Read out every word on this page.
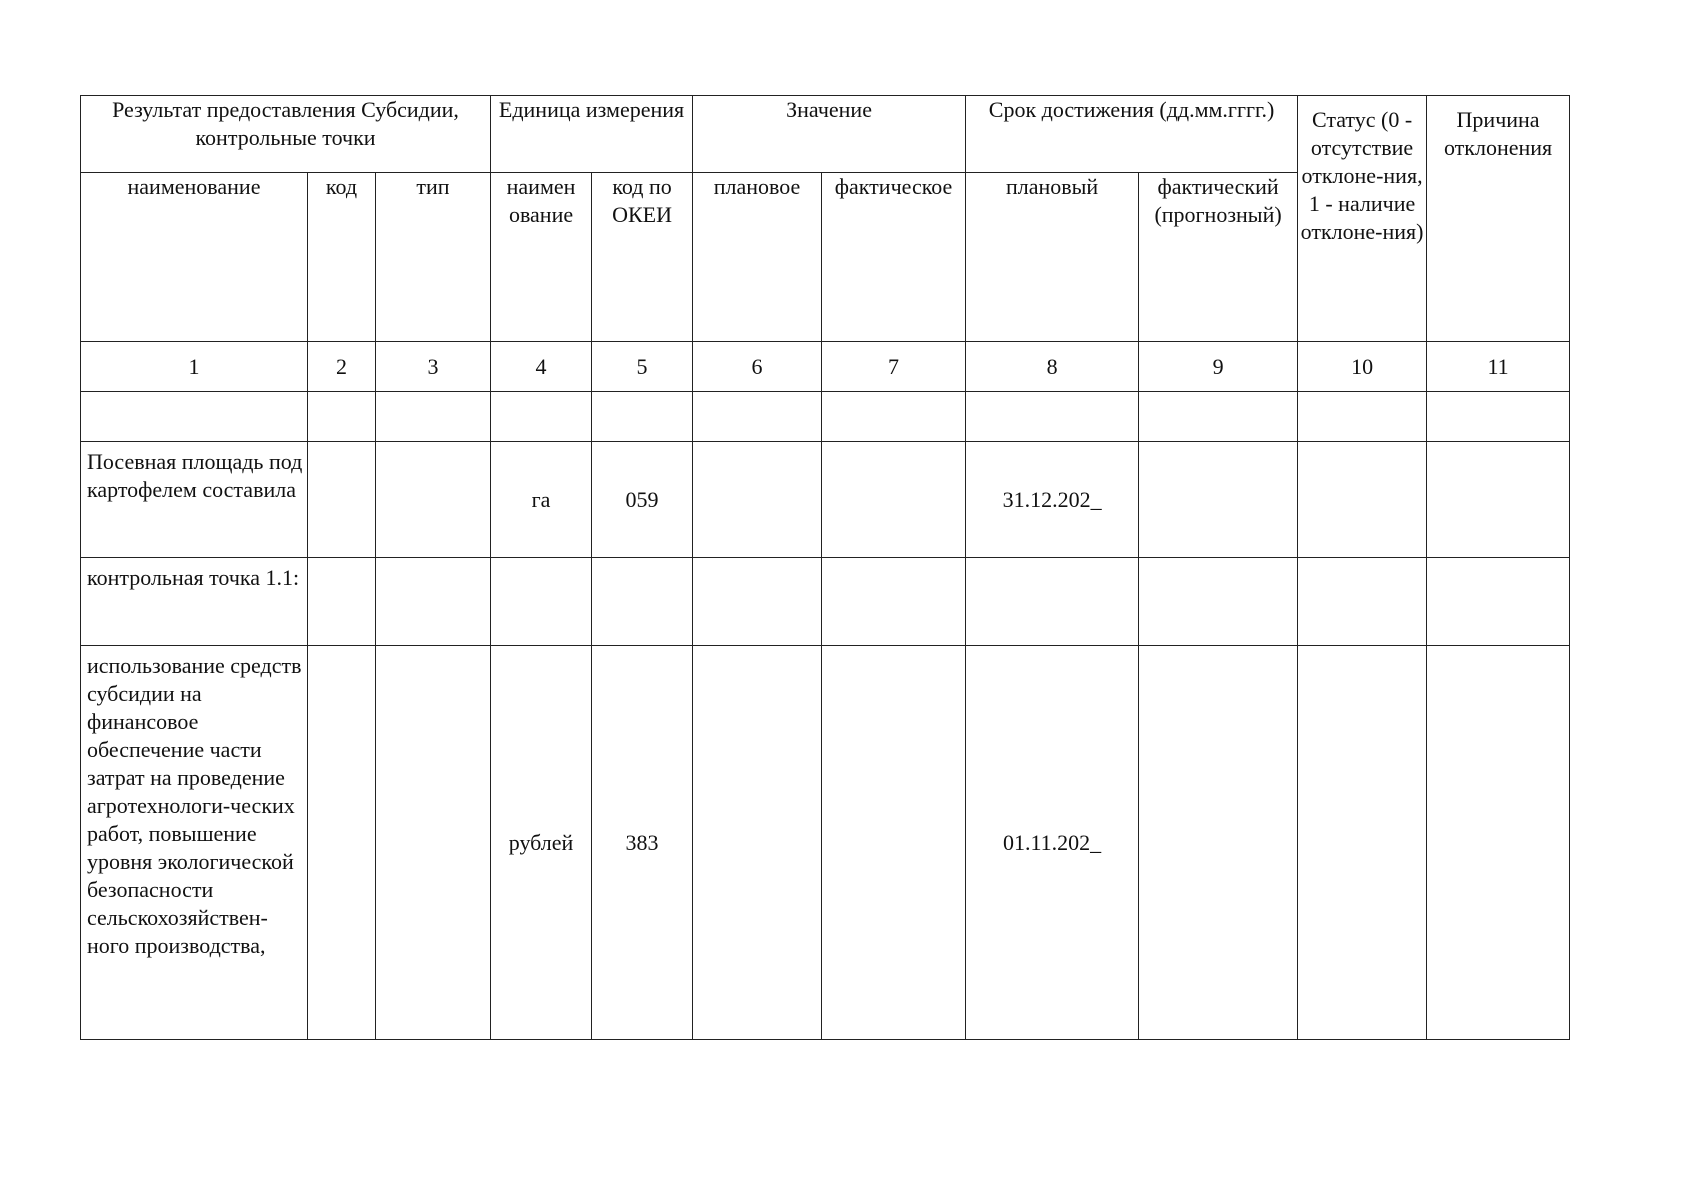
Результат предоставления Субсидии, контрольные точки			Единица измерения		Значение		Срок достижения (дд.мм.гггг.)		Статус (0 - отсутствие отклоне-ния, 1 - наличие отклоне-ния)	Причина отклонения
наименование	код	тип	наимен ование	код по ОКЕИ	плановое	фактическое	плановый	фактический (прогнозный)		
1	2	3	4	5	6	7	8	9	10	11

Посевная площадь под картофелем составила			га	059			31.12.202_			
контрольная точка 1.1:										
использование средств субсидии на финансовое обеспечение части затрат на проведение агротехнологи-ческих работ, повышение уровня экологической безопасности сельскохозяйствен-ного производства,			рублей	383			01.11.202_			
